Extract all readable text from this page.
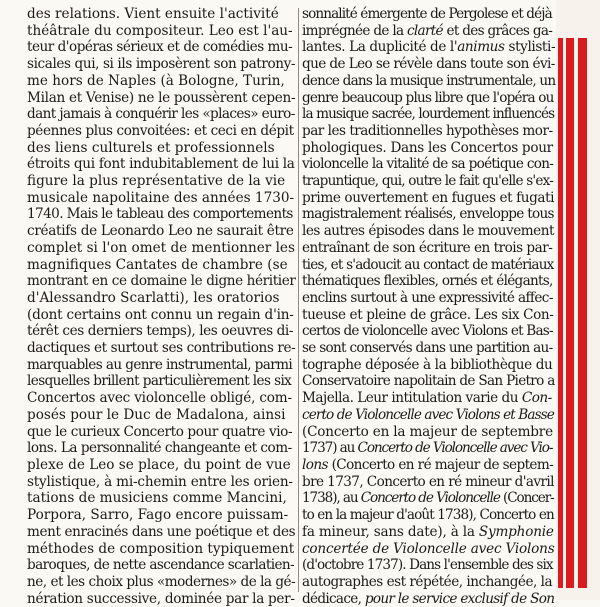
des relations. Vient ensuite l'activité
théâtrale du compositeur. Leo est l'au-
teur d'opéras sérieux et de comédies mu-
sicales qui, si ils imposèrent son patrony-
me hors de Naples (à Bologne, Turin,
Milan et Venise) ne le poussèrent cepen-
dant jamais à conquérir les «places» euro-
péennes plus convoitées: et ceci en dépit
des liens culturels et professionnels
étroits qui font indubitablement de lui la
figure la plus représentative de la vie
musicale napolitaine des années 1730-
1740. Mais le tableau des comportements
créatifs de Leonardo Leo ne saurait être
complet si l'on omet de mentionner les
magnifiques Cantates de chambre (se
montrant en ce domaine le digne héritier
d'Alessandro Scarlatti), les oratorios
(dont certains ont connu un regain d'in-
térêt ces derniers temps), les oeuvres di-
dactiques et surtout ses contributions re-
marquables au genre instrumental, parmi
lesquelles brillent particulièrement les six
Concertos avec violoncelle obligé, com-
posés pour le Duc de Madalona, ainsi
que le curieux Concerto pour quatre vio-
lons. La personnalité changeante et com-
plexe de Leo se place, du point de vue
stylistique, à mi-chemin entre les orien-
tations de musiciens comme Mancini,
Porpora, Sarro, Fago encore puissam-
ment enracinés dans une poétique et des
méthodes de composition typiquement
baroques, de nette ascendance scarlatien-
ne, et les choix plus «modernes» de la gé-
nération successive, dominée par la per-
sonnalité émergente de Pergolese et déjà
imprégnée de la clarté et des grâces ga-
lantes. La duplicité de l'animus stylisti-
que de Leo se révèle dans toute son évi-
dence dans la musique instrumentale, un
genre beaucoup plus libre que l'opéra ou
la musique sacrée, lourdement influencés
par les traditionnelles hypothèses mor-
phologiques. Dans les Concertos pour
violoncelle la vitalité de sa poétique con-
trapuntique, qui, outre le fait qu'elle s'ex-
prime ouvertement en fugues et fugati
magistralement réalisés, enveloppe tous
les autres épisodes dans le mouvement
entraînant de son écriture en trois par-
ties, et s'adoucit au contact de matériaux
thématiques flexibles, ornés et élégants,
enclins surtout à une expressivité affec-
tueuse et pleine de grâce. Les six Con-
certos de violoncelle avec Violons et Bas-
se sont conservés dans une partition au-
tographe déposée à la bibliothèque du
Conservatoire napolitain de San Pietro a
Majella. Leur intitulation varie du Con-
certo de Violoncelle avec Violons et Basse
(Concerto en la majeur de septembre
1737) au Concerto de Violoncelle avec Vio-
lons (Concerto en ré majeur de septem-
bre 1737, Concerto en ré mineur d'avril
1738), au Concerto de Violoncelle (Concer-
to en la majeur d'août 1738), Concerto en
fa mineur, sans date), à la Symphonie
concertée de Violoncelle avec Violons
(d'octobre 1737). Dans l'ensemble des six
autographes est répétée, inchangée, la
dédicace, pour le service exclusif de Son
